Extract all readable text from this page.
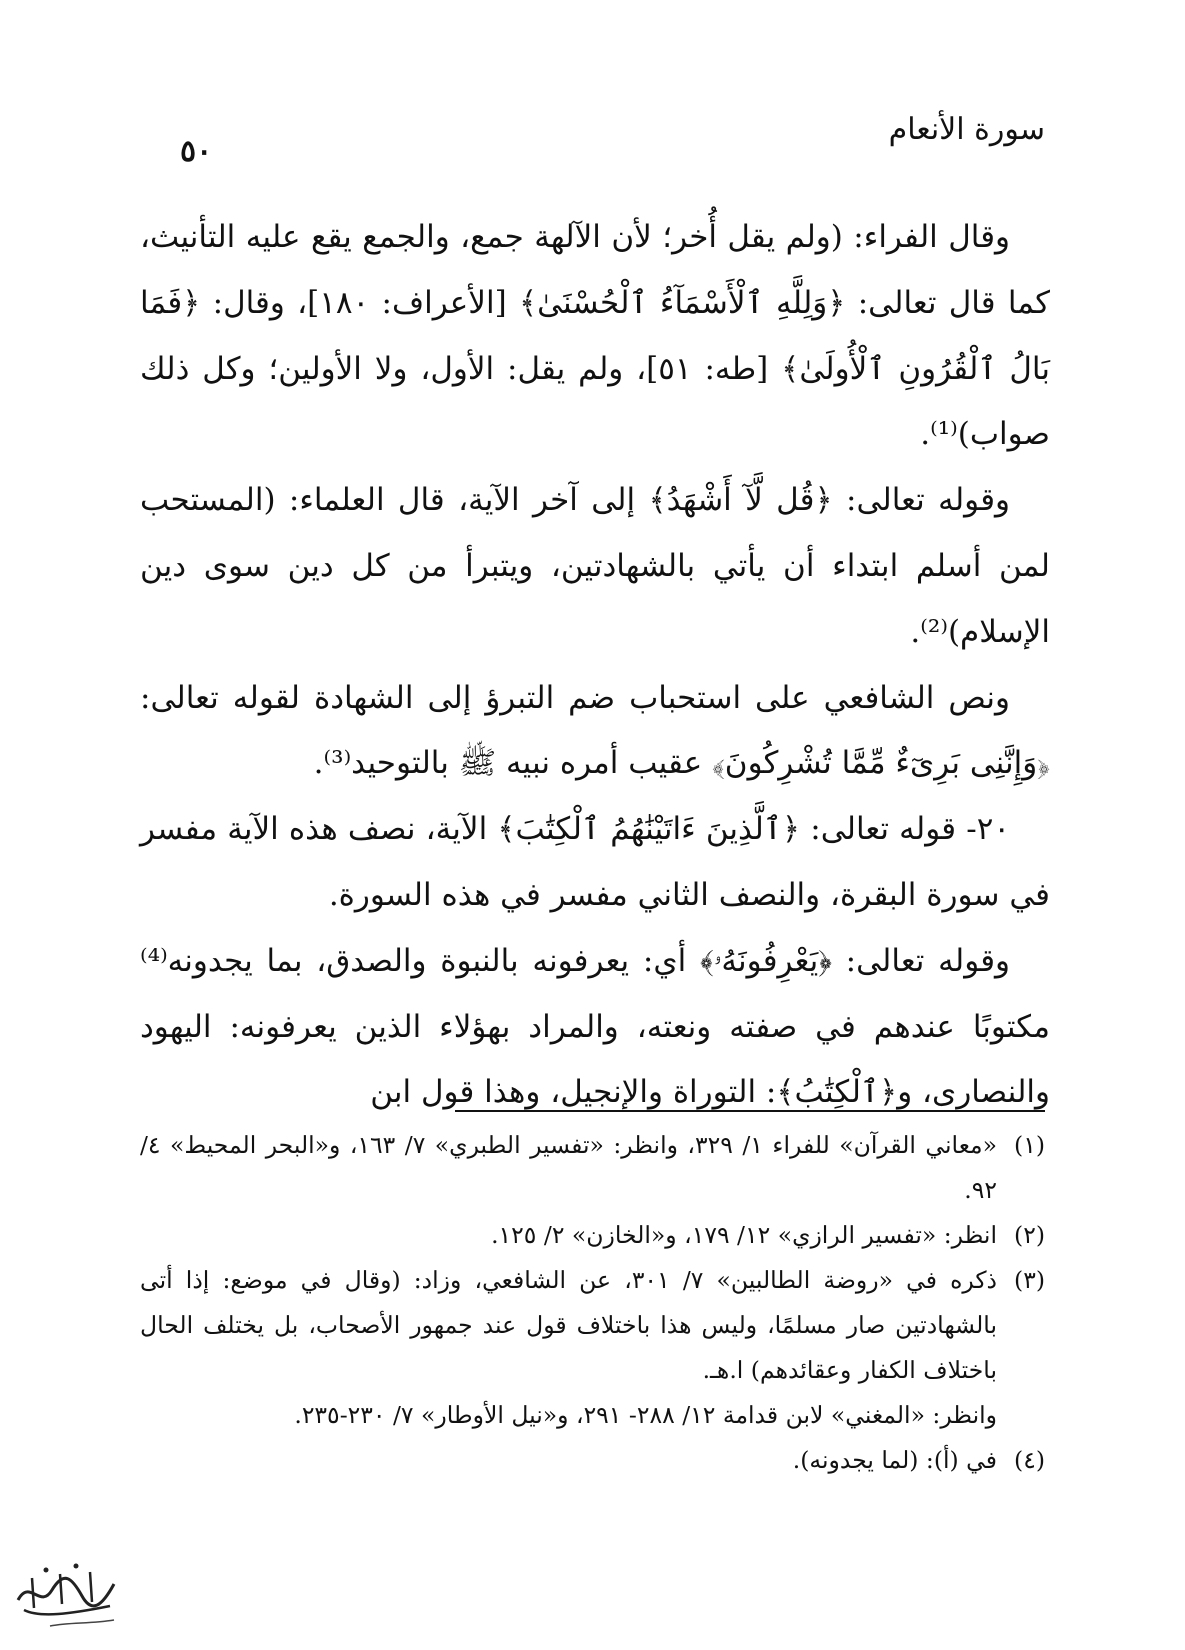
٥٠
سورة الأنعام

وقال الفراء: (ولم يقل أُخر؛ لأن الآلهة جمع، والجمع يقع عليه التأنيث، كما قال تعالى: ﴿وَلِلَّهِ ٱلْأَسْمَآءُ ٱلْحُسْنَىٰ﴾ [الأعراف: ١٨٠]، وقال: ﴿فَمَا بَالُ ٱلْقُرُونِ ٱلْأُولَىٰ﴾ [طه: ٥١]، ولم يقل: الأول، ولا الأولين؛ وكل ذلك صواب)⁽¹⁾.

وقوله تعالى: ﴿قُل لَّآ أَشْهَدُ﴾ إلى آخر الآية، قال العلماء: (المستحب لمن أسلم ابتداء أن يأتي بالشهادتين، ويتبرأ من كل دين سوى دين الإسلام)⁽²⁾.

ونص الشافعي على استحباب ضم التبرؤ إلى الشهادة لقوله تعالى: ﴿وَإِنَّنِى بَرِىٓءٌ مِّمَّا تُشْرِكُونَ﴾ عقيب أمره نبيه ﷺ بالتوحيد⁽³⁾.

٢٠- قوله تعالى: ﴿ٱلَّذِينَ ءَاتَيْنَٰهُمُ ٱلْكِتَٰبَ﴾ الآية، نصف هذه الآية مفسر في سورة البقرة، والنصف الثاني مفسر في هذه السورة.

وقوله تعالى: ﴿يَعْرِفُونَهُۥ﴾ أي: يعرفونه بالنبوة والصدق، بما يجدونه⁽⁴⁾ مكتوبًا عندهم في صفته ونعته، والمراد بهؤلاء الذين يعرفونه: اليهود والنصارى، و﴿ٱلْكِتَٰبُ﴾: التوراة والإنجيل، وهذا قول ابن

(١)
«معاني القرآن» للفراء ١/ ٣٢٩، وانظر: «تفسير الطبري» ٧/ ١٦٣، و«البحر المحيط» ٤/ ٩٢.
(٢)
انظر: «تفسير الرازي» ١٢/ ١٧٩، و«الخازن» ٢/ ١٢٥.
(٣)
ذكره في «روضة الطالبين» ٧/ ٣٠١، عن الشافعي، وزاد: (وقال في موضع: إذا أتى بالشهادتين صار مسلمًا، وليس هذا باختلاف قول عند جمهور الأصحاب، بل يختلف الحال باختلاف الكفار وعقائدهم) ا.هـ.
وانظر: «المغني» لابن قدامة ١٢/ ٢٨٨- ٢٩١، و«نيل الأوطار» ٧/ ٢٣٠-٢٣٥.
(٤)
في (أ): (لما يجدونه).
